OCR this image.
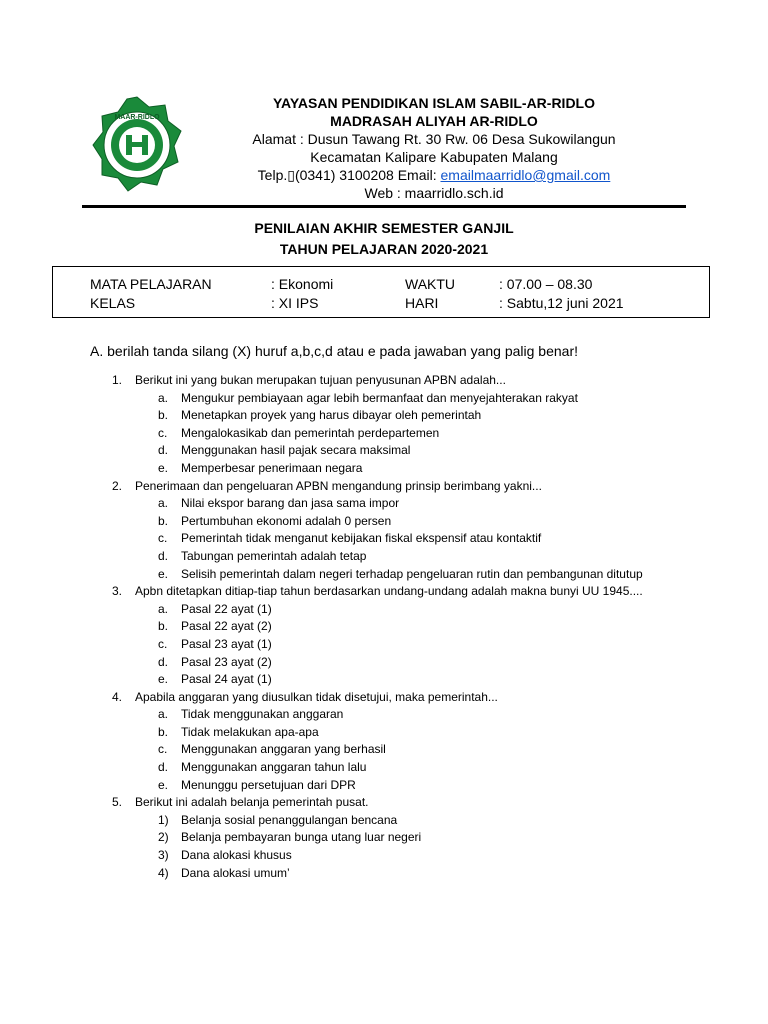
MAAR-RIDLO
YAYASAN PENDIDIKAN ISLAM SABIL-AR-RIDLO
MADRASAH ALIYAH AR-RIDLO
Alamat : Dusun Tawang Rt. 30 Rw. 06 Desa Sukowilangun
Kecamatan Kalipare Kabupaten Malang
Telp.▯(0341) 3100208 Email: emailmaarridlo@gmail.com
Web : maarridlo.sch.id
PENILAIAN AKHIR SEMESTER GANJIL
TAHUN PELAJARAN 2020-2021
MATA PELAJARAN	: Ekonomi	WAKTU	: 07.00 – 08.30
KELAS	: XI IPS	HARI	: Sabtu,12 juni 2021
A. berilah tanda silang (X) huruf a,b,c,d atau e pada jawaban yang palig benar!
1.	Berikut ini yang bukan merupakan tujuan penyusunan APBN adalah...
a.	Mengukur pembiayaan agar lebih bermanfaat dan menyejahterakan rakyat
b.	Menetapkan proyek yang harus dibayar oleh pemerintah
c.	Mengalokasikab dan pemerintah perdepartemen
d.	Menggunakan hasil pajak secara maksimal
e.	Memperbesar penerimaan negara
2.	Penerimaan dan pengeluaran APBN mengandung prinsip berimbang yakni...
a.	Nilai ekspor barang dan jasa sama impor
b.	Pertumbuhan ekonomi adalah 0 persen
c.	Pemerintah tidak menganut kebijakan fiskal ekspensif atau kontaktif
d.	Tabungan pemerintah adalah tetap
e.	Selisih pemerintah dalam negeri terhadap pengeluaran rutin dan pembangunan ditutup
3.	Apbn ditetapkan ditiap-tiap tahun berdasarkan undang-undang adalah makna bunyi UU 1945....
a.	Pasal 22 ayat (1)
b.	Pasal 22 ayat (2)
c.	Pasal 23 ayat (1)
d.	Pasal 23 ayat (2)
e.	Pasal 24 ayat (1)
4.	Apabila anggaran yang diusulkan tidak disetujui, maka pemerintah...
a.	Tidak menggunakan anggaran
b.	Tidak melakukan apa-apa
c.	Menggunakan anggaran yang berhasil
d.	Menggunakan anggaran tahun lalu
e.	Menunggu persetujuan dari DPR
5.	Berikut ini adalah belanja pemerintah pusat.
1)	Belanja sosial penanggulangan bencana
2)	Belanja pembayaran bunga utang luar negeri
3)	Dana alokasi khusus
4)	Dana alokasi umum’
